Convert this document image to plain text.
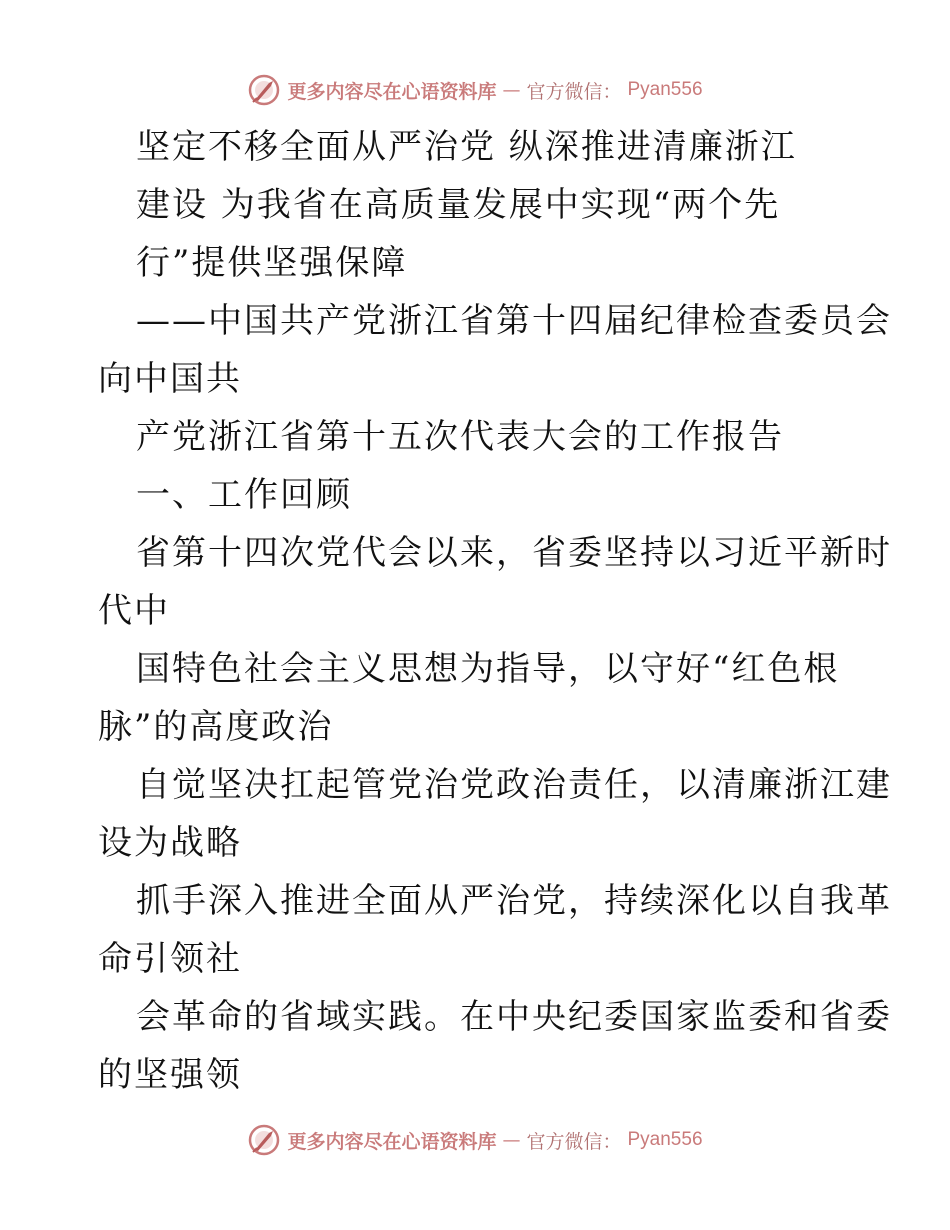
更多内容尽在心语资料库 — 官方微信： Pyan556
坚定不移全面从严治党 纵深推进清廉浙江
建设 为我省在高质量发展中实现“两个先
行”提供坚强保障
——中国共产党浙江省第十四届纪律检查委员会
向中国共
产党浙江省第十五次代表大会的工作报告
一、工作回顾
省第十四次党代会以来，省委坚持以习近平新时
代中
国特色社会主义思想为指导，以守好“红色根
脉”的高度政治
自觉坚决扛起管党治党政治责任，以清廉浙江建
设为战略
抓手深入推进全面从严治党，持续深化以自我革
命引领社
会革命的省域实践。在中央纪委国家监委和省委
的坚强领
更多内容尽在心语资料库 — 官方微信： Pyan556
